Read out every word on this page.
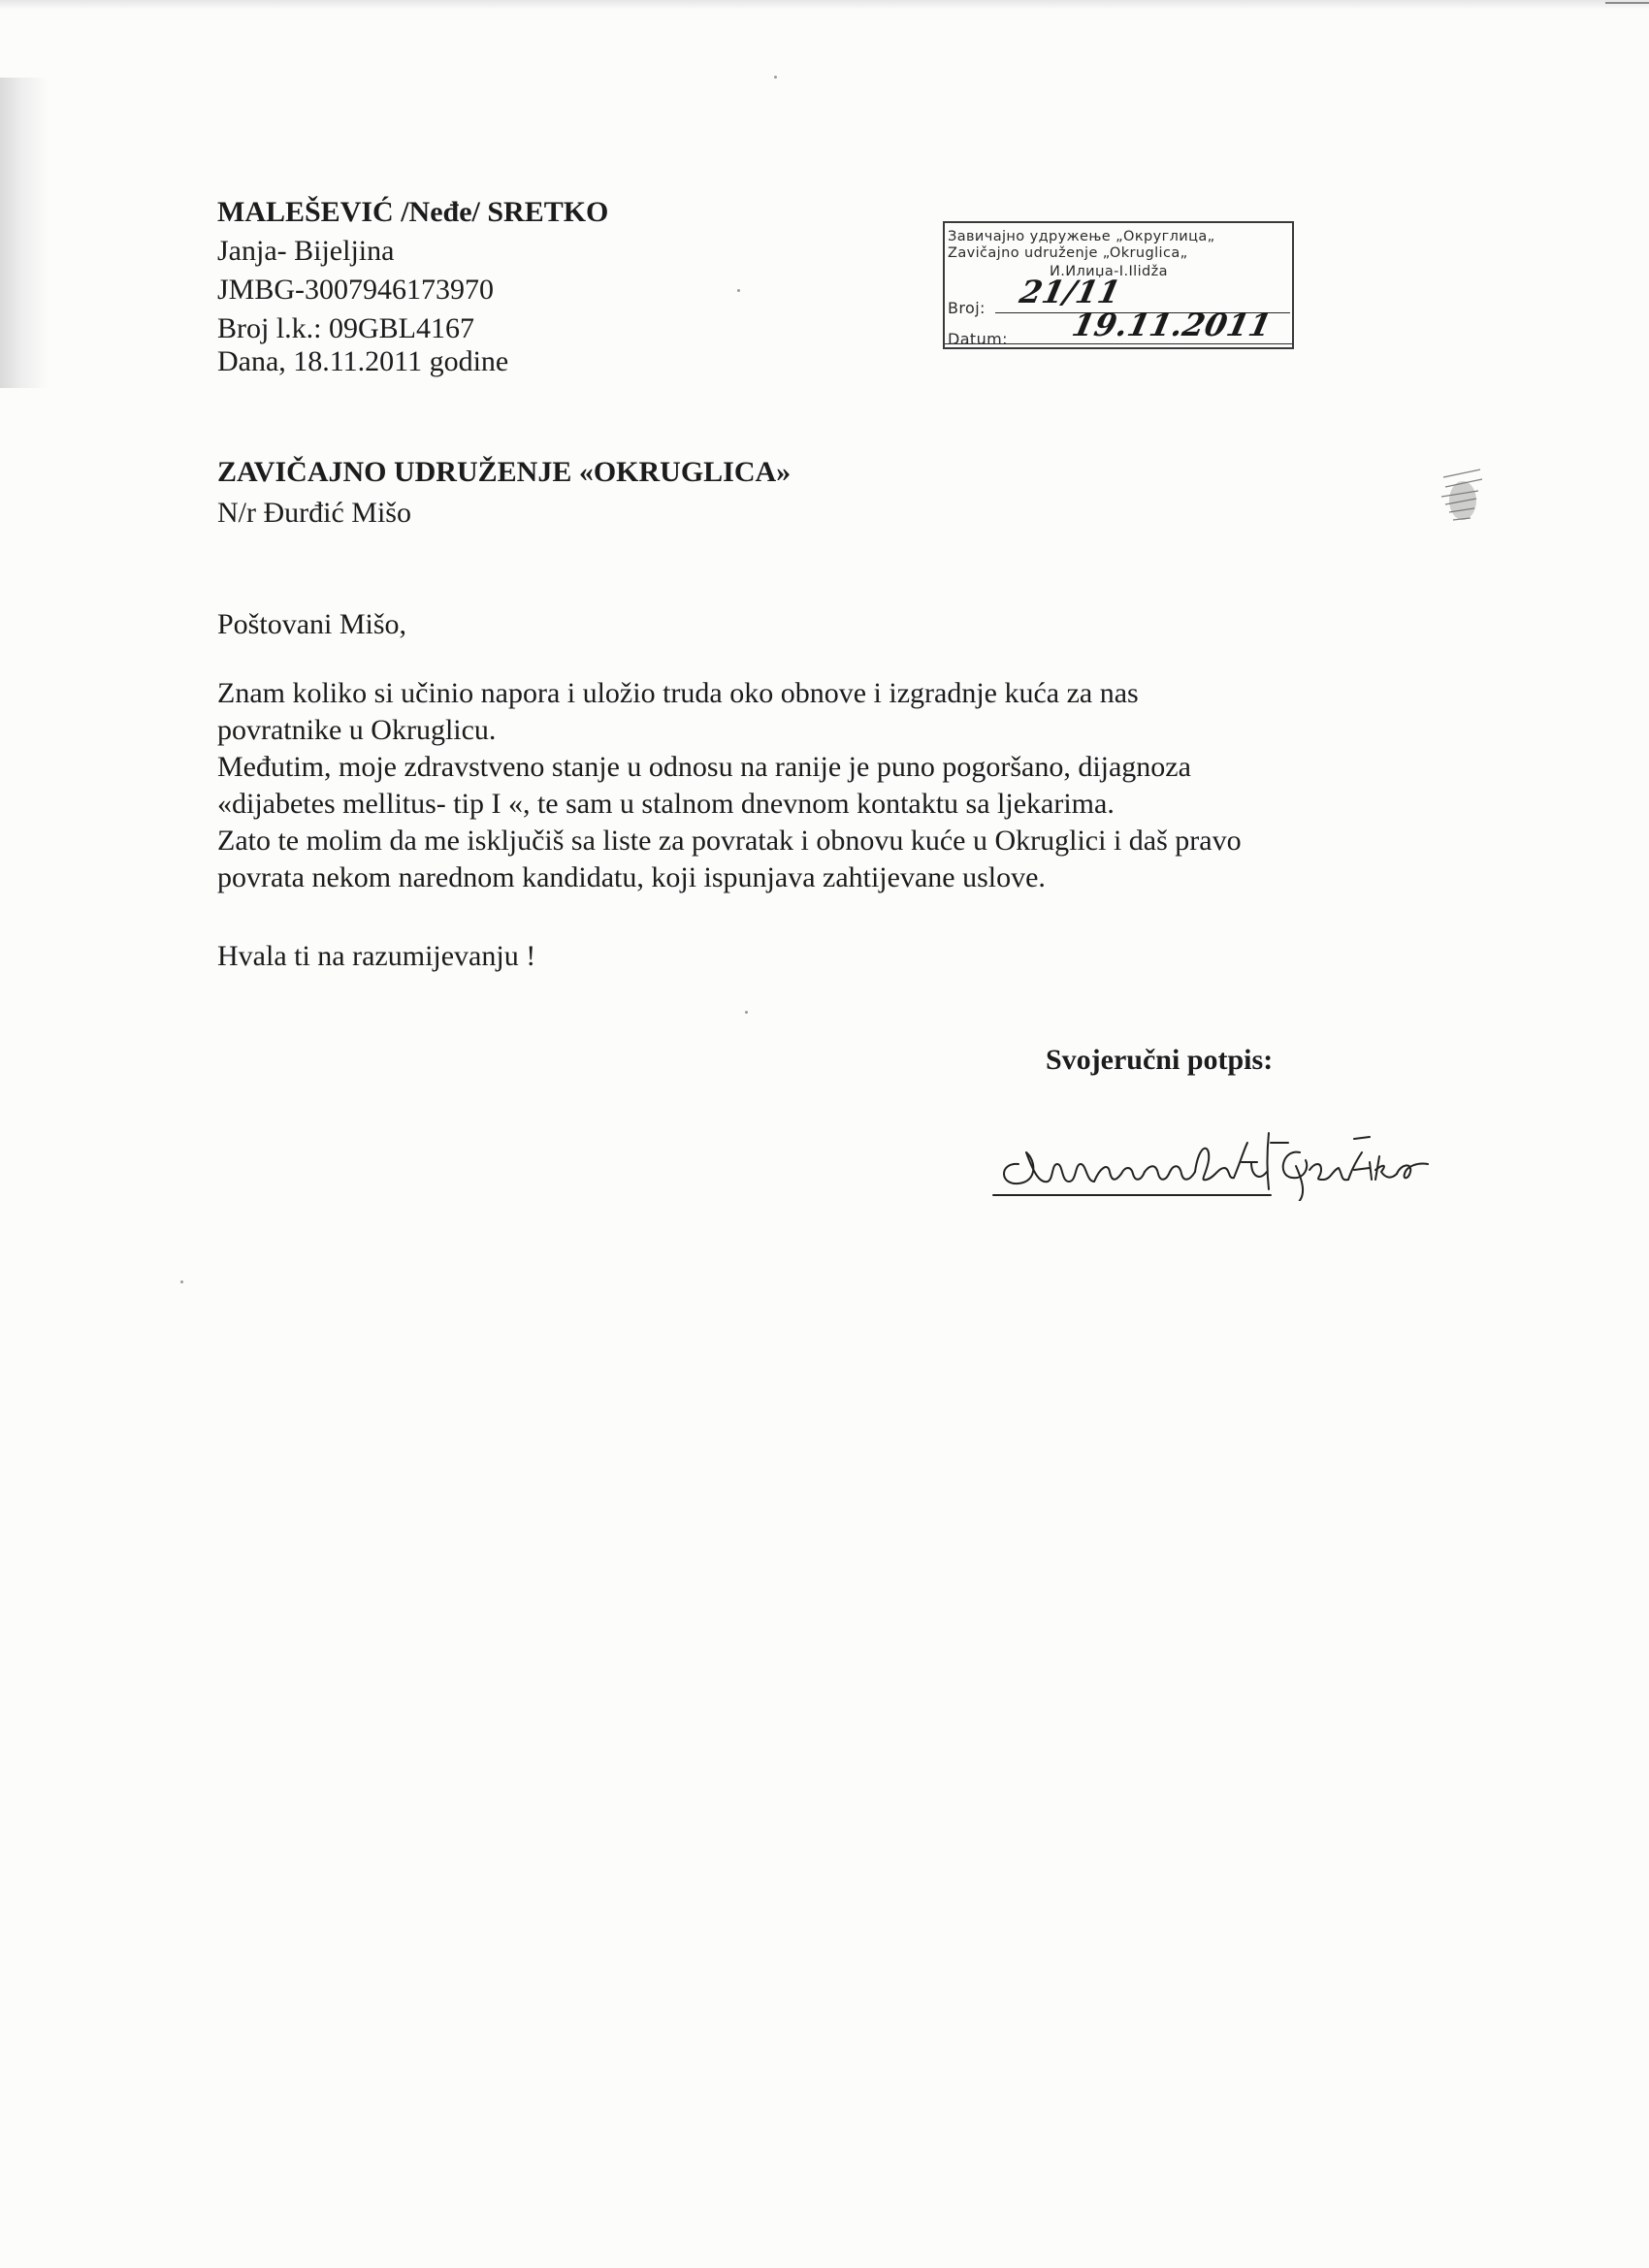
MALEŠEVIĆ /Neđe/ SRETKO
Janja- Bijeljina
JMBG-3007946173970
Broj l.k.: 09GBL4167
Dana, 18.11.2011 godine
Завичајно удружење „Округлица„
Zavičajno udruženje „Okruglica„
И.Илиџа-I.Ilidža
Broj:
Datum:
21/11
19.11.2011
ZAVIČAJNO UDRUŽENJE «OKRUGLICA»
N/r Đurđić Mišo
Poštovani Mišo,
Znam koliko si učinio napora i uložio truda oko obnove i izgradnje kuća za nas
povratnike u Okruglicu.
Međutim, moje zdravstveno stanje u odnosu na ranije je puno pogoršano, dijagnoza
«dijabetes mellitus- tip I «, te sam u stalnom dnevnom kontaktu sa ljekarima.
Zato te molim da me isključiš sa liste za povratak i obnovu kuće u Okruglici i daš pravo
povrata nekom narednom kandidatu, koji ispunjava zahtijevane uslove.
Hvala ti na razumijevanju !
Svojeručni potpis:
